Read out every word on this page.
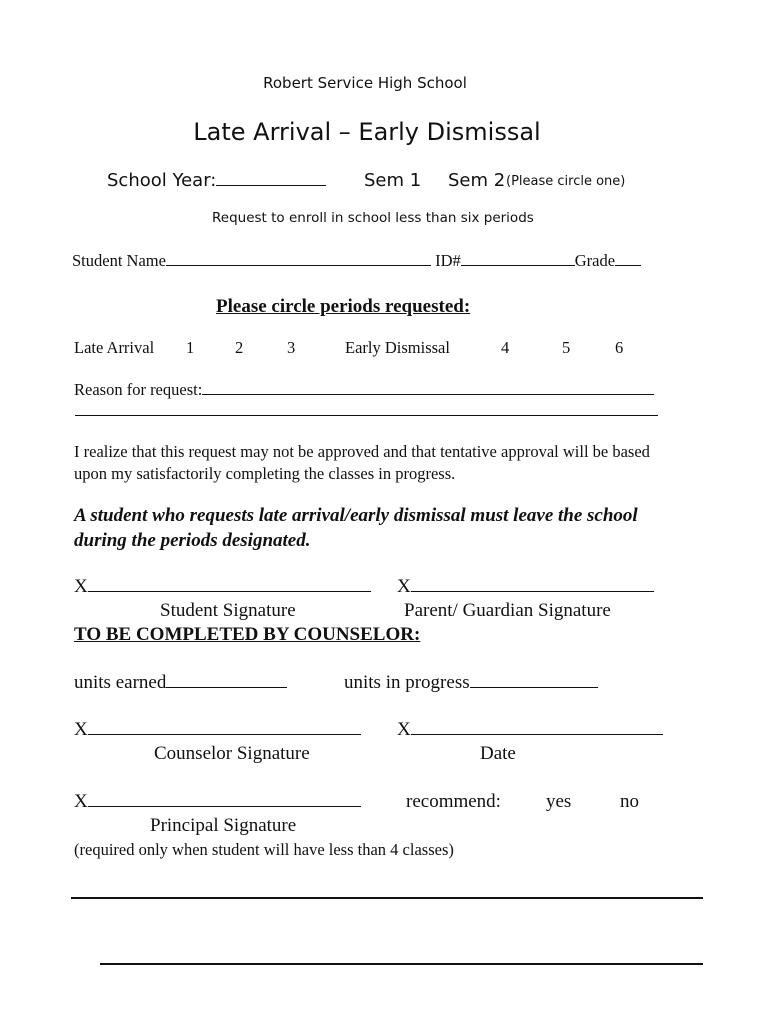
Robert Service High School
Late Arrival – Early Dismissal
School Year:	Sem 1 Sem 2 (Please circle one)
Request to enroll in school less than six periods
Student Name	ID#	Grade
Please circle periods requested:
Late Arrival 1 2	3	Early Dismissal	4	5	6
Reason for request:
I realize that this request may not be approved and that tentative approval will be based
upon my satisfactorily completing the classes in progress.
A student who requests late arrival/early dismissal must leave the school
during the periods designated.
X	X
Student Signature	Parent/ Guardian Signature
TO BE COMPLETED BY COUNSELOR:
units earned	units in progress
X	X
Counselor Signature	Date
X	recommend: yes	no
Principal Signature
(required only when student will have less than 4 classes)
